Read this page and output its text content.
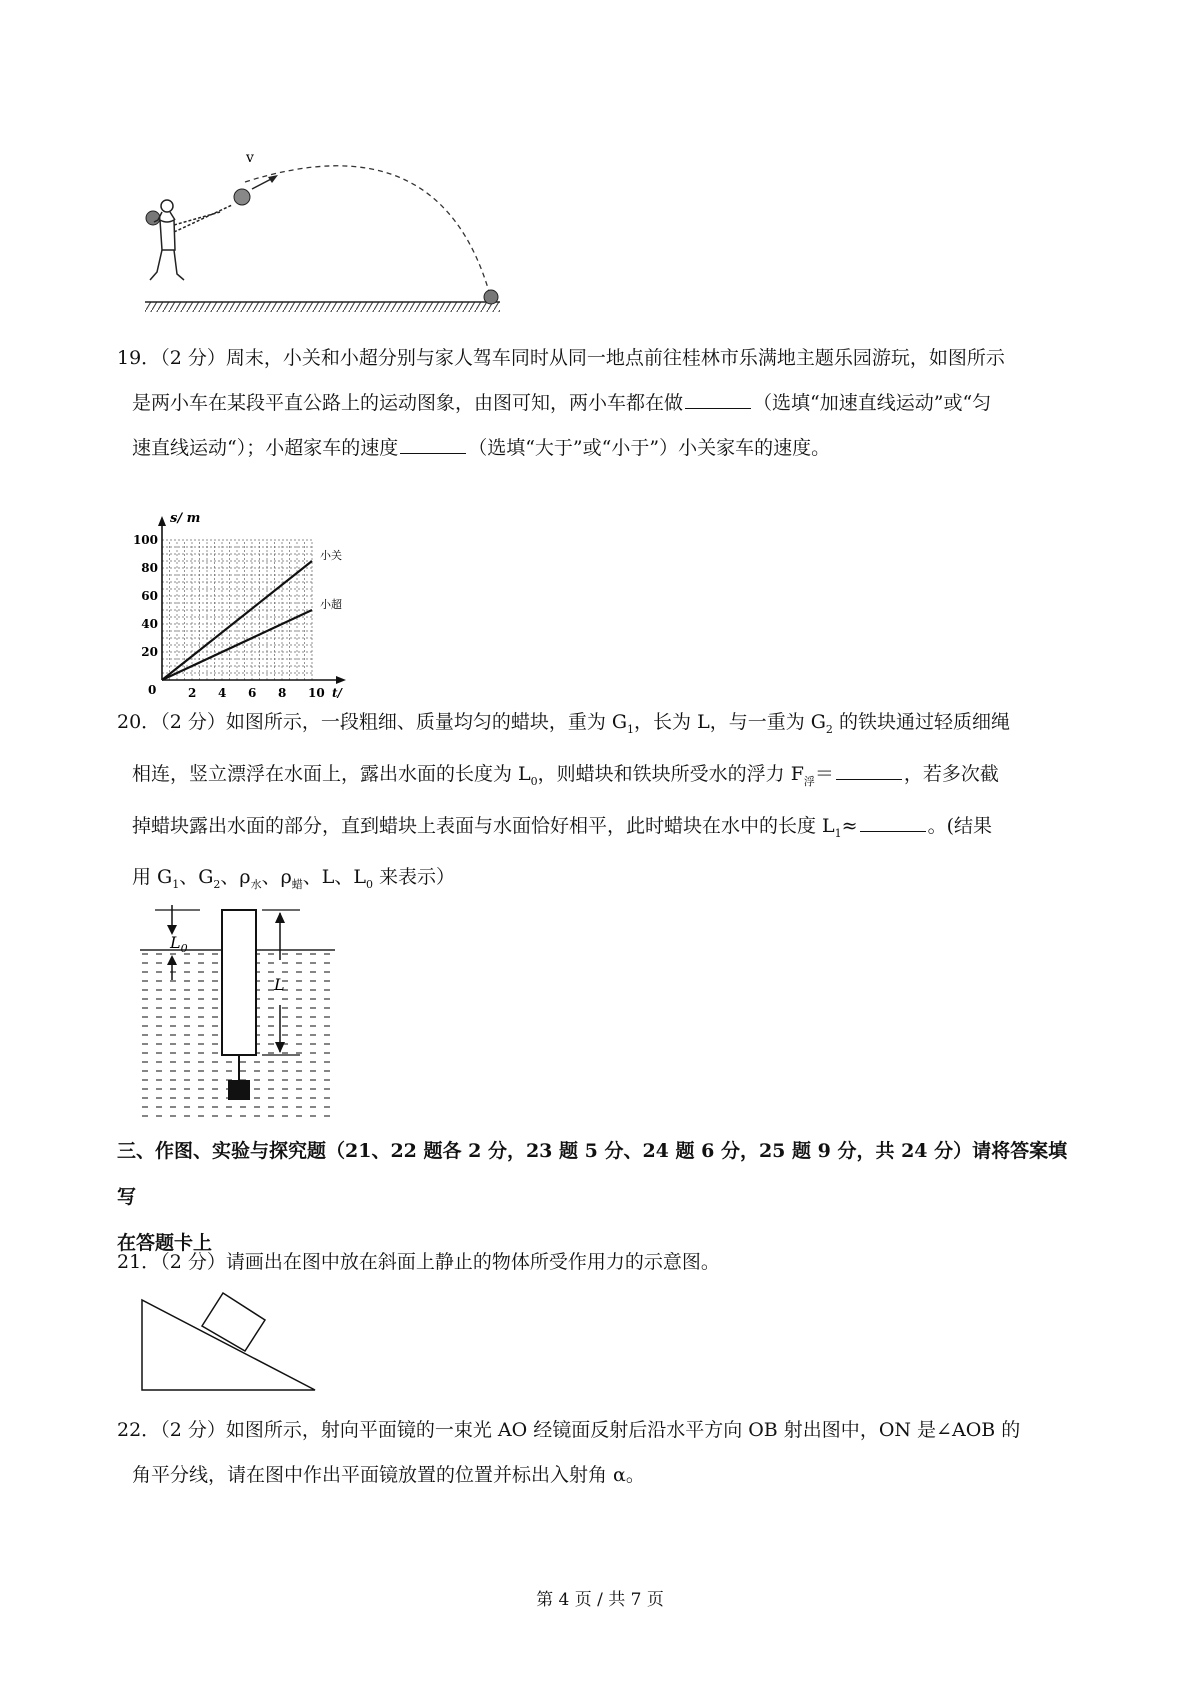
v
19．（2 分）周末，小关和小超分别与家人驾车同时从同一地点前往桂林市乐满地主题乐园游玩，如图所示
是两小车在某段平直公路上的运动图象，由图可知，两小车都在做	（选填“加速直线运动”或“匀
速直线运动“）；小超家车的速度	（选填“大于”或“小于”）小关家车的速度。
2 4 6 8 10
20
40
60
80
100
0
s/ m
t/
小关
小超
20．（2 分）如图所示，一段粗细、质量均匀的蜡块，重为 $G_1$，长为 L，与一重为 $G_2$ 的铁块通过轻质细绳
相连，竖立漂浮在水面上，露出水面的长度为 $L_0$，则蜡块和铁块所受水的浮力 $F_浮=$	，若多次截
掉蜡块露出水面的部分，直到蜡块上表面与水面恰好相平，此时蜡块在水中的长度 $L_1\approx$	。(结果
用 $G_1$、$G_2$、$\rho_水$、$\rho_蜡$、L、$L_0$ 来表示）
$L_0$
L
三、作图、实验与探究题（21、22 题各 2 分，23 题 5 分、24 题 6 分，25 题 9 分，共 24 分）请将答案填写
在答题卡上
21．（2 分）请画出在图中放在斜面上静止的物体所受作用力的示意图。
22．（2 分）如图所示，射向平面镜的一束光 AO 经镜面反射后沿水平方向 OB 射出图中，ON 是∠AOB 的
角平分线，请在图中作出平面镜放置的位置并标出入射角 α。
第 4 页 / 共 7 页
